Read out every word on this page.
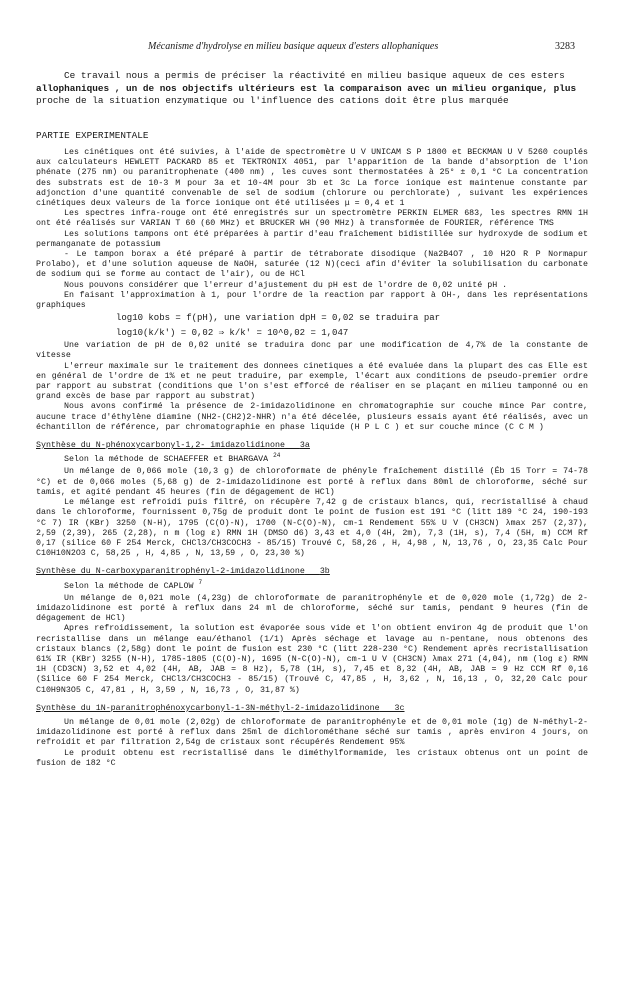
Mécanisme d'hydrolyse en milieu basique aqueux d'esters allophaniques	3283

Ce travail nous a permis de préciser la réactivité en milieu basique aqueux de ces esters

allophaniques , un de nos objectifs ultérieurs est la comparaison avec un milieu organique, plus

proche de la situation enzymatique ou l'influence des cations doit être plus marquée

PARTIE EXPERIMENTALE

Les cinétiques ont été suivies, à l'aide de spectromètre U V UNICAM S P 1800 et BECKMAN U V 5260 couplés aux calculateurs HEWLETT PACKARD 85 et TEKTRONIX 4051, par l'apparition de la bande d'absorption de l'ion phénate (275 nm) ou paranitrophenate (400 nm) , les cuves sont thermostatées à 25° ± 0,1 °C La concentration des substrats est de 10-3 M pour 3a et 10-4M pour 3b et 3c La force ionique est maintenue constante par adjonction d'une quantité convenable de sel de sodium (chlorure ou perchlorate) , suivant les expériences cinétiques deux valeurs de la force ionique ont été utilisées μ = 0,4 et 1

Les spectres infra-rouge ont été enregistrés sur un spectromètre PERKIN ELMER 683, les spectres RMN 1H ont été réalisés sur VARIAN T 60 (60 MHz) et BRUCKER WH (90 MHz) à transformée de FOURIER, référence TMS

Les solutions tampons ont été préparées à partir d'eau fraîchement bidistillée sur hydroxyde de sodium et permanganate de potassium

- Le tampon borax a été préparé à partir de tétraborate disodique (Na2B4O7 , 10 H2O R P Normapur Prolabo), et d'une solution aqueuse de NaOH, saturée (12 N)(ceci afin d'éviter la solubilisation du carbonate de sodium qui se forme au contact de l'air), ou de HCl

Nous pouvons considérer que l'erreur d'ajustement du pH est de l'ordre de 0,02 unité pH .

En faisant l'approximation à 1, pour l'ordre de la reaction par rapport à OH-, dans les représentations graphiques

log10 kobs = f(pH), une variation dpH = 0,02 se traduira par

log10(k/k') = 0,02 ⇒ k/k' = 10^0,02 = 1,047

Une variation de pH de 0,02 unité se traduira donc par une modification de 4,7% de la constante de vitesse

L'erreur maximale sur le traitement des donnees cinetiques a été evaluée dans la plupart des cas Elle est en général de l'ordre de 1% et ne peut traduire, par exemple, l'écart aux conditions de pseudo-premier ordre par rapport au substrat (conditions que l'on s'est efforcé de réaliser en se plaçant en milieu tamponné ou en grand excès de base par rapport au substrat)

Nous avons confirmé la présence de 2-imidazolidinone en chromatographie sur couche mince Par contre, aucune trace d'éthylène diamine (NH2-(CH2)2-NHR) n'a été décelée, plusieurs essais ayant été réalisés, avec un échantillon de référence, par chromatographie en phase liquide (H P L C ) et sur couche mince (C C M )

Synthèse du N-phénoxycarbonyl-1,2- imidazolidinone 3a

Selon la méthode de SCHAEFFER et BHARGAVA $^{24}$

Un mélange de 0,066 mole (10,3 g) de chloroformate de phényle fraîchement distillé (Éb 15 Torr = 74-78 °C) et de 0,066 moles (5,68 g) de 2-imidazolidinone est porté à reflux dans 80ml de chloroforme, séché sur tamis, et agité pendant 45 heures (fin de dégagement de HCl)

Le mélange est refroidi puis filtré, on récupère 7,42 g de cristaux blancs, qui, recristallisé à chaud dans le chloroforme, fournissent 0,75g de produit dont le point de fusion est 191 °C (litt 189 °C 24, 190-193 °C 7) IR (KBr) 3250 (N-H), 1795 (C(O)-N), 1700 (N-C(O)-N), cm-1 Rendement 55% U V (CH3CN) λmax 257 (2,37), 2,59 (2,39), 265 (2,28), n m (log ε) RMN 1H (DMSO d6) 3,43 et 4,0 (4H, 2m), 7,3 (1H, s), 7,4 (5H, m) CCM Rf 0,17 (silice 60 F 254 Merck, CHCl3/CH3COCH3 - 85/15) Trouvé C, 58,26 , H, 4,98 , N, 13,76 , O, 23,35 Calc Pour C10H10N2O3 C, 58,25 , H, 4,85 , N, 13,59 , O, 23,30 %)

Synthèse du N-carboxyparanitrophényl-2-imidazolidinone 3b

Selon la méthode de CAPLOW $^7$

Un mélange de 0,021 mole (4,23g) de chloroformate de paranitrophényle et de 0,020 mole (1,72g) de 2-imidazolidinone est porté à reflux dans 24 ml de chloroforme, séché sur tamis, pendant 9 heures (fin de dégagement de HCl)

Apres refroidissement, la solution est évaporée sous vide et l'on obtient environ 4g de produit que l'on recristallise dans un mélange eau/éthanol (1/1) Après séchage et lavage au n-pentane, nous obtenons des cristaux blancs (2,58g) dont le point de fusion est 230 °C (litt 228-230 °C) Rendement après recristallisation 61% IR (KBr) 3255 (N-H), 1785-1805 (C(O)-N), 1695 (N-C(O)-N), cm-1 U V (CH3CN) λmax 271 (4,04), nm (log ε) RMN 1H (CD3CN) 3,52 et 4,02 (4H, AB, JAB = 8 Hz), 5,78 (1H, s), 7,45 et 8,32 (4H, AB, JAB = 9 Hz CCM Rf 0,16 (Silice 60 F 254 Merck, CHCl3/CH3COCH3 - 85/15) (Trouvé C, 47,85 , H, 3,62 , N, 16,13 , O, 32,20 Calc pour C10H9N3O5 C, 47,81 , H, 3,59 , N, 16,73 , O, 31,87 %)

Synthèse du 1N-paranitrophénoxycarbonyl-1-3N-méthyl-2-imidazolidinone 3c

Un mélange de 0,01 mole (2,02g) de chloroformate de paranitrophényle et de 0,01 mole (1g) de N-méthyl-2-imidazolidinone est porté à reflux dans 25ml de dichlorométhane séché sur tamis , après environ 4 jours, on refroidit et par filtration 2,54g de cristaux sont récupérés Rendement 95%

Le produit obtenu est recristallisé dans le diméthylformamide, les cristaux obtenus ont un point de fusion de 182 °C
